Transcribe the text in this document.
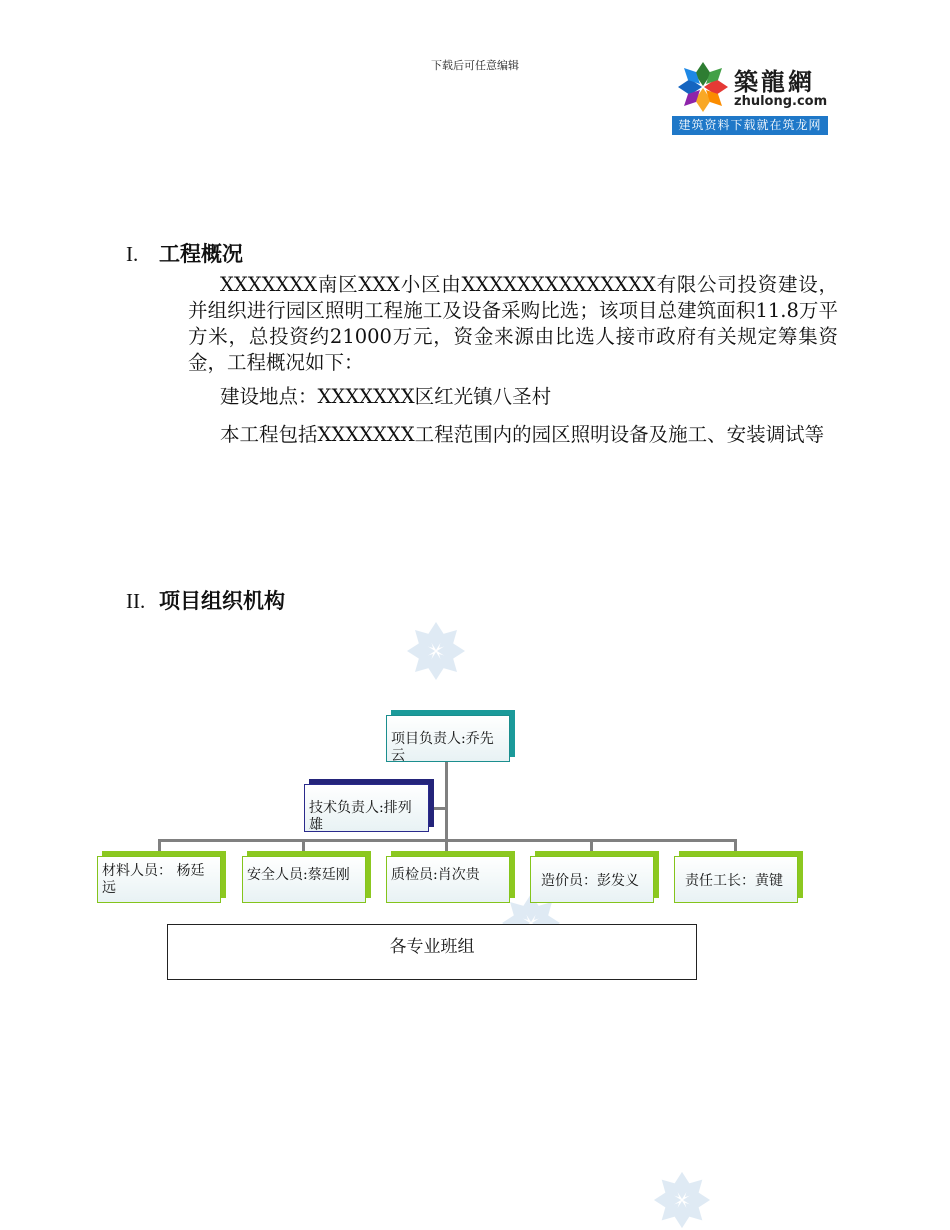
下载后可任意编辑
築龍網
zhulong.com
建筑资料下载就在筑龙网
I. 工程概况
XXXXXXX南区XXX小区由XXXXXXXXXXXXXX有限公司投资建设，并组织进行园区照明工程施工及设备采购比选；该项目总建筑面积11.8万平方米，总投资约21000万元，资金来源由比选人接市政府有关规定筹集资金，工程概况如下：
建设地点：XXXXXXX区红光镇八圣村
本工程包括XXXXXXX工程范围内的园区照明设备及施工、安装调试等
II. 项目组织机构
项目负责人:乔先云
技术负责人:排列雄
材料人员： 杨廷远
安全人员:蔡廷刚	质检员:肖次贵	造价员：彭发义	责任工长：黄键
各专业班组
